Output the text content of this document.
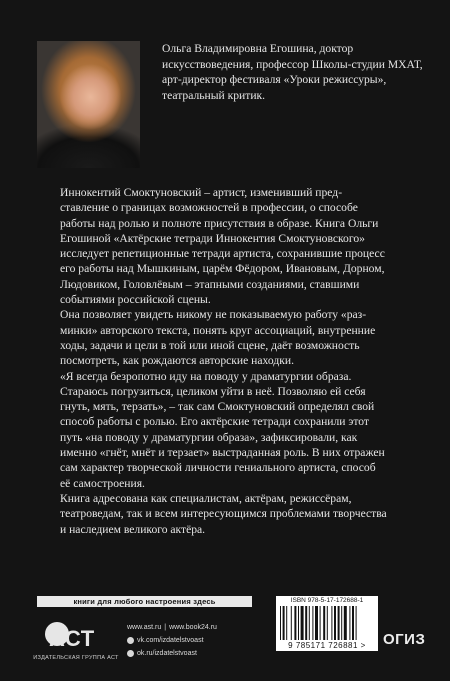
Ольга Владимировна Егошина, доктор искусствоведения, профессор Школы-студии МХАТ, арт-директор фестиваля «Уроки режиссуры», театральный критик.

Иннокентий Смоктуновский – артист, изменивший пред-
ставление о границах возможностей в профессии, о способе
работы над ролью и полноте присутствия в образе. Книга Ольги
Егошиной «Актёрские тетради Иннокентия Смоктуновского»
исследует репетиционные тетради артиста, сохранившие процесс
его работы над Мышкиным, царём Фёдором, Ивановым, Дорном,
Людовиком, Головлёвым – этапными созданиями, ставшими
событиями российской сцены.

Она позволяет увидеть никому не показываемую работу «раз-
минки» авторского текста, понять круг ассоциаций, внутренние
ходы, задачи и цели в той или иной сцене, даёт возможность
посмотреть, как рождаются авторские находки.

«Я всегда безропотно иду на поводу у драматургии образа.
Стараюсь погрузиться, целиком уйти в неё. Позволяю ей себя
гнуть, мять, терзать», – так сам Смоктуновский определял свой
способ работы с ролью. Его актёрские тетради сохранили этот
путь «на поводу у драматургии образа», зафиксировали, как
именно «гнёт, мнёт и терзает» выстраданная роль. В них отражен
сам характер творческой личности гениального артиста, способ
её самостроения.

Книга адресована как специалистам, актёрам, режиссёрам,
театроведам, так и всем интересующимся проблемами творчества
и наследием великого актёра.

книги для любого настроения здесь
ACT
ИЗДАТЕЛЬСКАЯ ГРУППА АСТ
www.ast.ru | www.book24.ru
vk.com/izdatelstvoast
ok.ru/izdatelstvoast
ISBN 978-5-17-172688-1
9 785171 726881 >	ОГИЗ
